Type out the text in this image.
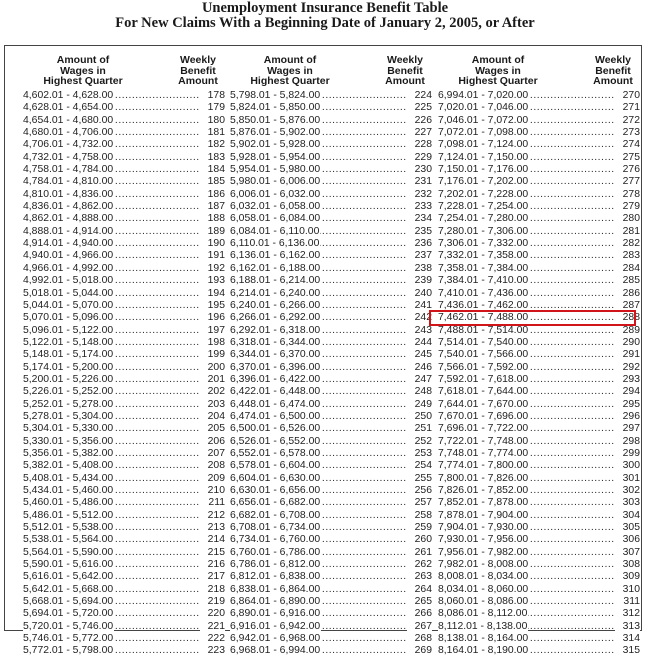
Unemployment Insurance Benefit Table
For New Claims With a Beginning Date of January 2, 2005, or After
Amount of
Wages in
Highest Quarter
Weekly
Benefit
Amount
4,602.01 - 4,628.00 .....	178
4,628.01 - 4,654.00 .....	179
4,654.01 - 4,680.00 .....	180
4,680.01 - 4,706.00 .....	181
4,706.01 - 4,732.00 .....	182
4,732.01 - 4,758.00 .....	183
4,758.01 - 4,784.00 .....	184
4,784.01 - 4,810.00 .....	185
4,810.01 - 4,836.00 .....	186
4,836.01 - 4,862.00 .....	187
4,862.01 - 4,888.00 .....	188
4,888.01 - 4,914.00 .....	189
4,914.01 - 4,940.00 .....	190
4,940.01 - 4,966.00 .....	191
4,966.01 - 4,992.00 .....	192
4,992.01 - 5,018.00 .....	193
5,018.01 - 5,044.00 .....	194
5,044.01 - 5,070.00 .....	195
5,070.01 - 5,096.00 .....	196
5,096.01 - 5,122.00 .....	197
5,122.01 - 5,148.00 .....	198
5,148.01 - 5,174.00 .....	199
5,174.01 - 5,200.00 .....	200
5,200.01 - 5,226.00 .....	201
5,226.01 - 5,252.00 .....	202
5,252.01 - 5,278.00 .....	203
5,278.01 - 5,304.00 .....	204
5,304.01 - 5,330.00 .....	205
5,330.01 - 5,356.00 .....	206
5,356.01 - 5,382.00 .....	207
5,382.01 - 5,408.00 .....	208
5,408.01 - 5,434.00 .....	209
5,434.01 - 5,460.00 .....	210
5,460.01 - 5,486.00 .....	211
5,486.01 - 5,512.00 .....	212
5,512.01 - 5,538.00 .....	213
5,538.01 - 5,564.00 .....	214
5,564.01 - 5,590.00 .....	215
5,590.01 - 5,616.00 .....	216
5,616.01 - 5,642.00 .....	217
5,642.01 - 5,668.00 .....	218
5,668.01 - 5,694.00 .....	219
5,694.01 - 5,720.00 .....	220
5,720.01 - 5,746.00 .....	221
5,746.01 - 5,772.00 .....	222
5,772.01 - 5,798.00 .....	223
Amount of
Wages in
Highest Quarter
Weekly
Benefit
Amount
5,798.01 - 5,824.00 .....	224
5,824.01 - 5,850.00 .....	225
5,850.01 - 5,876.00 .....	226
5,876.01 - 5,902.00 .....	227
5,902.01 - 5,928.00 .....	228
5,928.01 - 5,954.00 .....	229
5,954.01 - 5,980.00 .....	230
5,980.01 - 6,006.00 .....	231
6,006.01 - 6,032.00 .....	232
6,032.01 - 6,058.00 .....	233
6,058.01 - 6,084.00 .....	234
6,084.01 - 6,110.00 .....	235
6,110.01 - 6,136.00 .....	236
6,136.01 - 6,162.00 .....	237
6,162.01 - 6,188.00 .....	238
6,188.01 - 6,214.00 .....	239
6,214.01 - 6,240.00 .....	240
6,240.01 - 6,266.00 .....	241
6,266.01 - 6,292.00 .....	242
6,292.01 - 6,318.00 .....	243
6,318.01 - 6,344.00 .....	244
6,344.01 - 6,370.00 .....	245
6,370.01 - 6,396.00 .....	246
6,396.01 - 6,422.00 .....	247
6,422.01 - 6,448.00 .....	248
6,448.01 - 6,474.00 .....	249
6,474.01 - 6,500.00 .....	250
6,500.01 - 6,526.00 .....	251
6,526.01 - 6,552.00 .....	252
6,552.01 - 6,578.00 .....	253
6,578.01 - 6,604.00 .....	254
6,604.01 - 6,630.00 .....	255
6,630.01 - 6,656.00 .....	256
6,656.01 - 6,682.00 .....	257
6,682.01 - 6,708.00 .....	258
6,708.01 - 6,734.00 .....	259
6,734.01 - 6,760.00 .....	260
6,760.01 - 6,786.00 .....	261
6,786.01 - 6,812.00 .....	262
6,812.01 - 6,838.00 .....	263
6,838.01 - 6,864.00 .....	264
6,864.01 - 6,890.00 .....	265
6,890.01 - 6,916.00 .....	266
6,916.01 - 6,942.00 .....	267
6,942.01 - 6,968.00 .....	268
6,968.01 - 6,994.00 .....	269
Amount of
Wages in
Highest Quarter
Weekly
Benefit
Amount
6,994.01 - 7,020.00 .....	270
7,020.01 - 7,046.00 .....	271
7,046.01 - 7,072.00 .....	272
7,072.01 - 7,098.00 .....	273
7,098.01 - 7,124.00 .....	274
7,124.01 - 7,150.00 .....	275
7,150.01 - 7,176.00 .....	276
7,176.01 - 7,202.00 .....	277
7,202.01 - 7,228.00 .....	278
7,228.01 - 7,254.00 .....	279
7,254.01 - 7,280.00 .....	280
7,280.01 - 7,306.00 .....	281
7,306.01 - 7,332.00 .....	282
7,332.01 - 7,358.00 .....	283
7,358.01 - 7,384.00 .....	284
7,384.01 - 7,410.00 .....	285
7,410.01 - 7,436.00 .....	286
7,436.01 - 7,462.00 .....	287
7,462.01 - 7,488.00 .....	288
7,488.01 - 7,514.00 .....	289
7,514.01 - 7,540.00 .....	290
7,540.01 - 7,566.00 .....	291
7,566.01 - 7,592.00 .....	292
7,592.01 - 7,618.00 .....	293
7,618.01 - 7,644.00 .....	294
7,644.01 - 7,670.00 .....	295
7,670.01 - 7,696.00 .....	296
7,696.01 - 7,722.00 .....	297
7,722.01 - 7,748.00 .....	298
7,748.01 - 7,774.00 .....	299
7,774.01 - 7,800.00 .....	300
7,800.01 - 7,826.00 .....	301
7,826.01 - 7,852.00 .....	302
7,852.01 - 7,878.00 .....	303
7,878.01 - 7,904.00 .....	304
7,904.01 - 7,930.00 .....	305
7,930.01 - 7,956.00 .....	306
7,956.01 - 7,982.00 .....	307
7,982.01 - 8,008.00 .....	308
8,008.01 - 8,034.00 .....	309
8,034.01 - 8,060.00 .....	310
8,060.01 - 8,086.00 .....	311
8,086.01 - 8,112.00 .....	312
8,112.01 - 8,138.00 .....	313
8,138.01 - 8,164.00 .....	314
8,164.01 - 8,190.00 .....	315
